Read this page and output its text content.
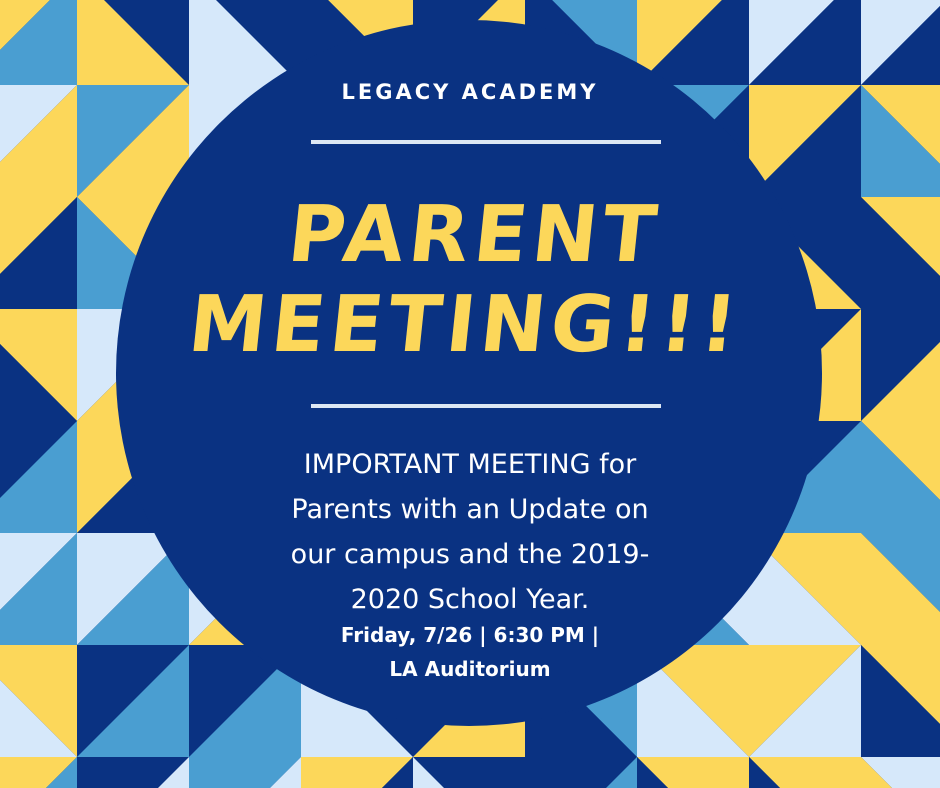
LEGACY ACADEMY
PARENT
MEETING!!!
IMPORTANT MEETING for
Parents with an Update on
our campus and the 2019-
2020 School Year.
Friday, 7/26 | 6:30 PM |
LA Auditorium
